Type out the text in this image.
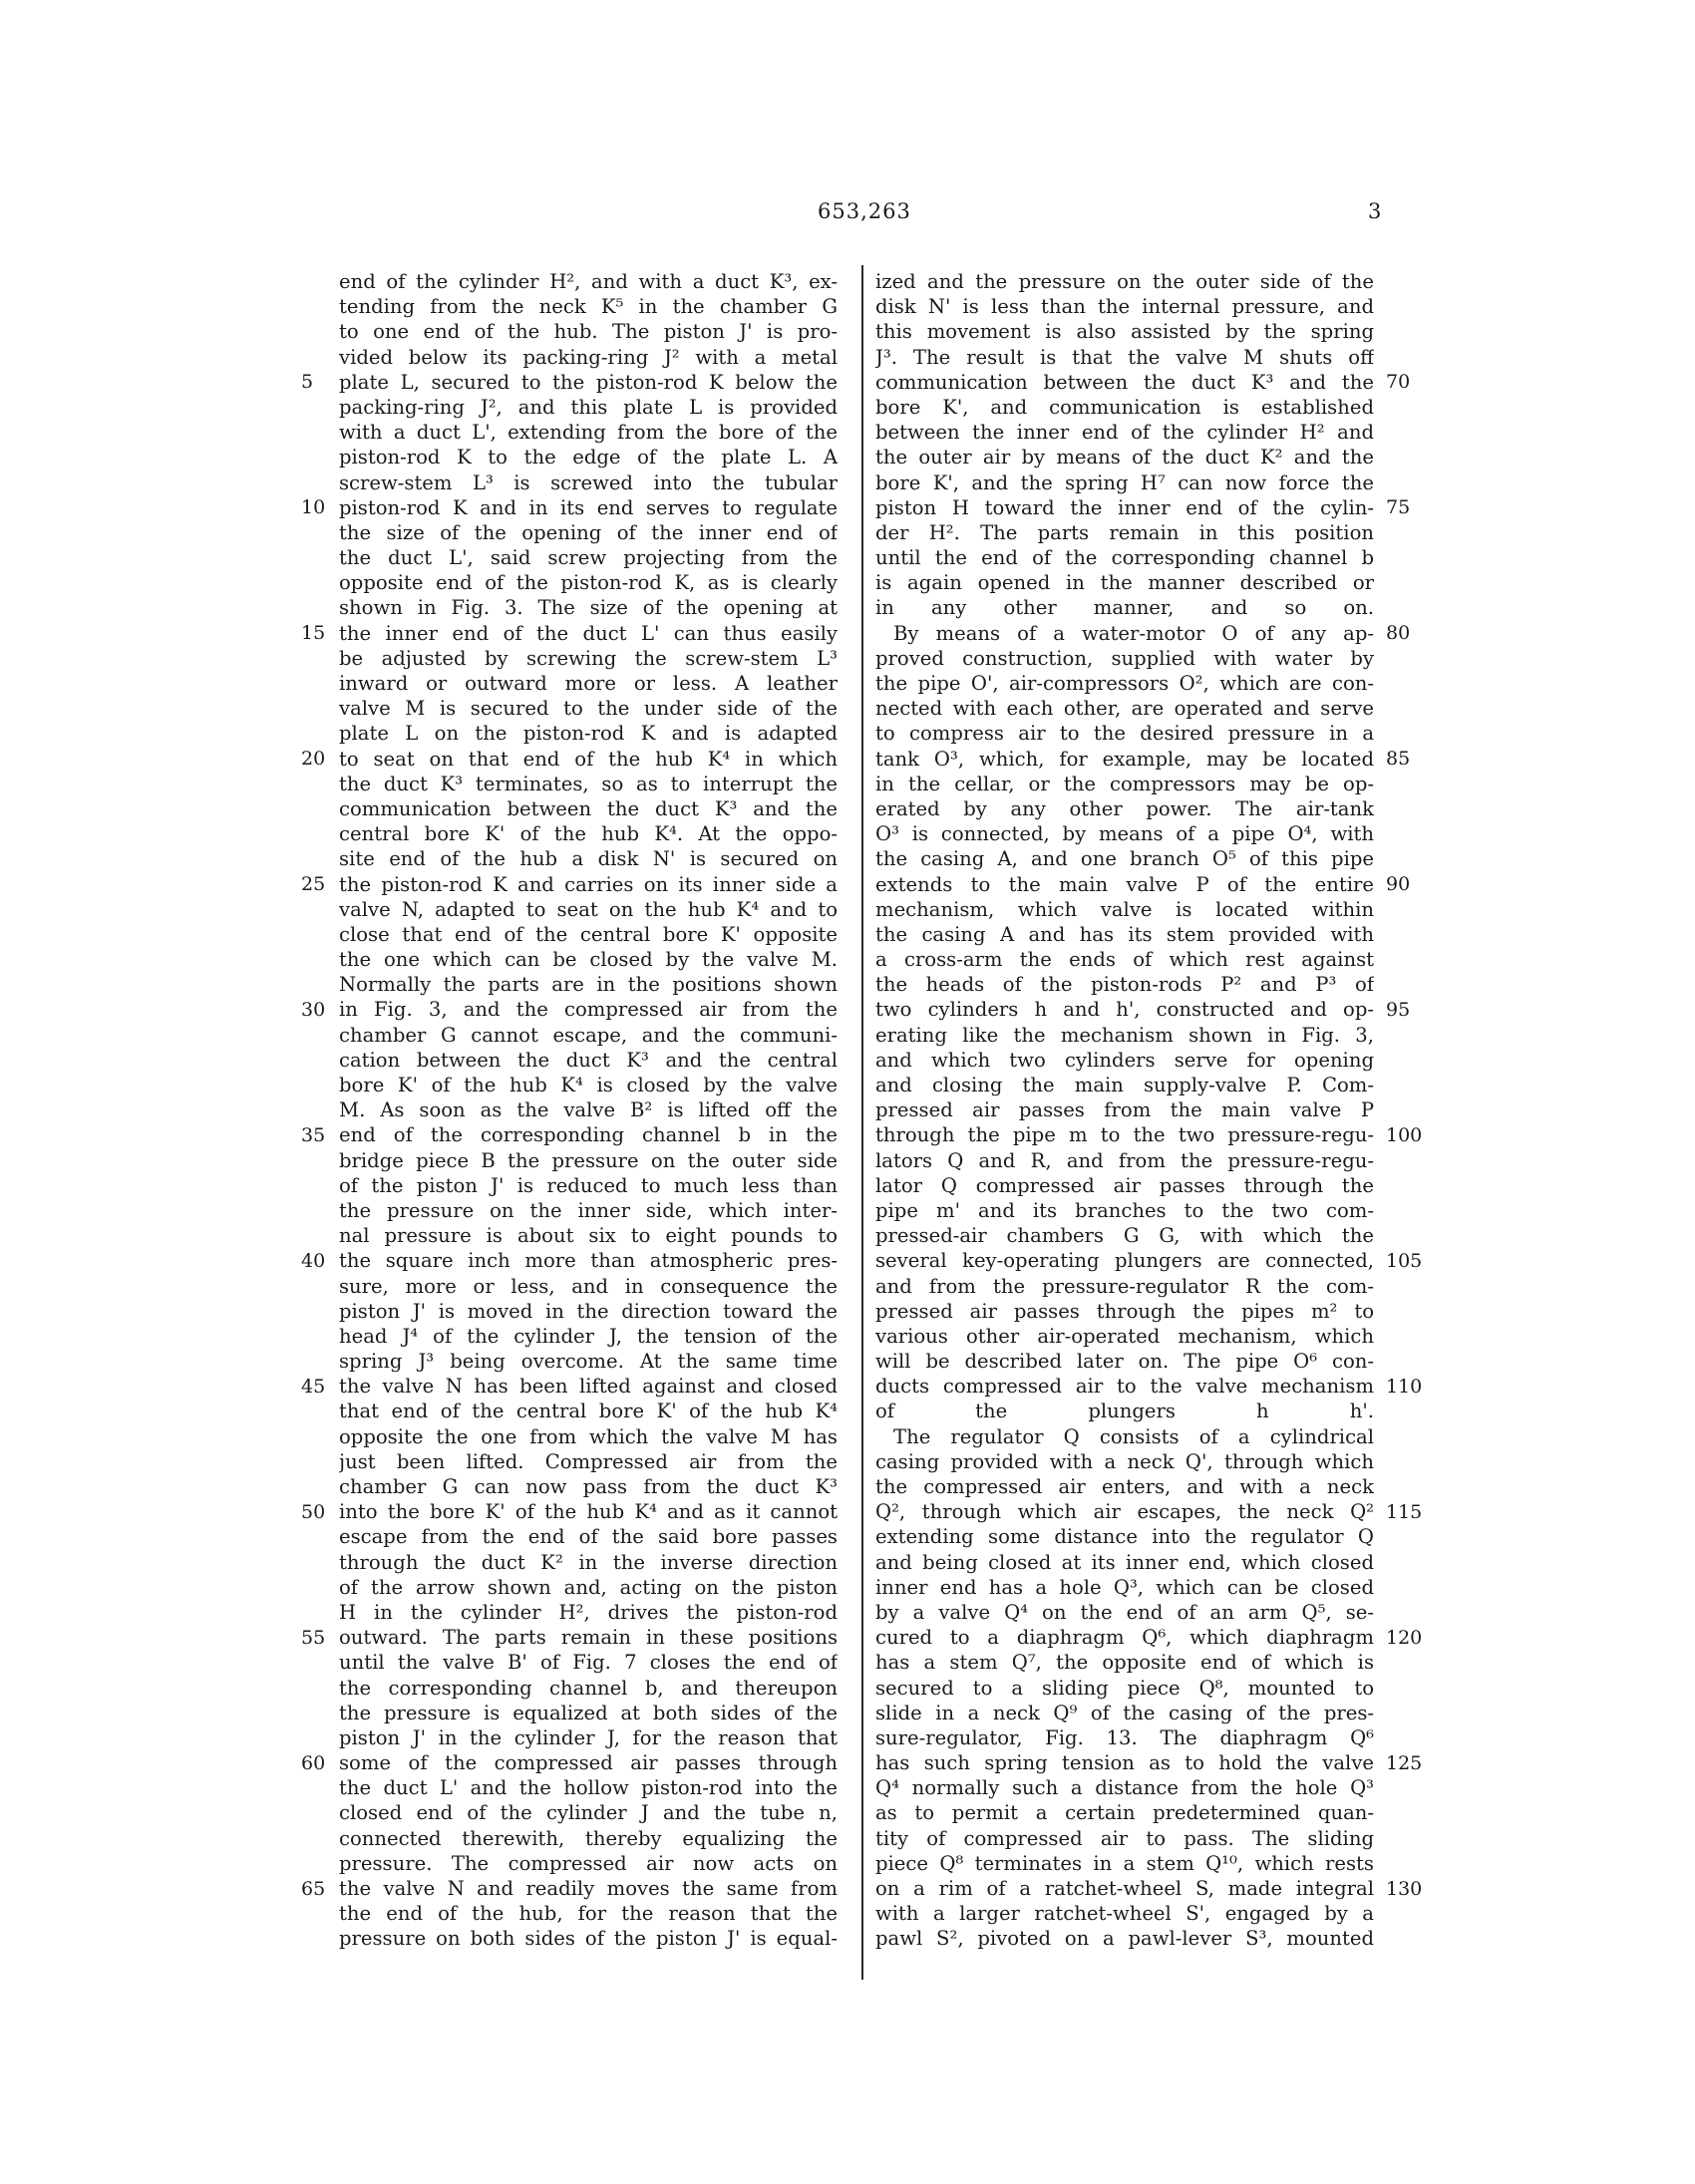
653,263	3
end of the cylinder H², and with a duct K³, ex-
tending from the neck K⁵ in the chamber G
to one end of the hub. The piston J' is pro-
vided below its packing-ring J² with a metal
plate L, secured to the piston-rod K below the
packing-ring J², and this plate L is provided
with a duct L', extending from the bore of the
piston-rod K to the edge of the plate L. A
screw-stem L³ is screwed into the tubular
piston-rod K and in its end serves to regulate
the size of the opening of the inner end of
the duct L', said screw projecting from the
opposite end of the piston-rod K, as is clearly
shown in Fig. 3. The size of the opening at
the inner end of the duct L' can thus easily
be adjusted by screwing the screw-stem L³
inward or outward more or less. A leather
valve M is secured to the under side of the
plate L on the piston-rod K and is adapted
to seat on that end of the hub K⁴ in which
the duct K³ terminates, so as to interrupt the
communication between the duct K³ and the
central bore K' of the hub K⁴. At the oppo-
site end of the hub a disk N' is secured on
the piston-rod K and carries on its inner side a
valve N, adapted to seat on the hub K⁴ and to
close that end of the central bore K' opposite
the one which can be closed by the valve M.
Normally the parts are in the positions shown
in Fig. 3, and the compressed air from the
chamber G cannot escape, and the communi-
cation between the duct K³ and the central
bore K' of the hub K⁴ is closed by the valve
M. As soon as the valve B² is lifted off the
end of the corresponding channel b in the
bridge piece B the pressure on the outer side
of the piston J' is reduced to much less than
the pressure on the inner side, which inter-
nal pressure is about six to eight pounds to
the square inch more than atmospheric pres-
sure, more or less, and in consequence the
piston J' is moved in the direction toward the
head J⁴ of the cylinder J, the tension of the
spring J³ being overcome. At the same time
the valve N has been lifted against and closed
that end of the central bore K' of the hub K⁴
opposite the one from which the valve M has
just been lifted. Compressed air from the
chamber G can now pass from the duct K³
into the bore K' of the hub K⁴ and as it cannot
escape from the end of the said bore passes
through the duct K² in the inverse direction
of the arrow shown and, acting on the piston
H in the cylinder H², drives the piston-rod
outward. The parts remain in these positions
until the valve B' of Fig. 7 closes the end of
the corresponding channel b, and thereupon
the pressure is equalized at both sides of the
piston J' in the cylinder J, for the reason that
some of the compressed air passes through
the duct L' and the hollow piston-rod into the
closed end of the cylinder J and the tube n,
connected therewith, thereby equalizing the
pressure. The compressed air now acts on
the valve N and readily moves the same from
the end of the hub, for the reason that the
pressure on both sides of the piston J' is equal-
ized and the pressure on the outer side of the
disk N' is less than the internal pressure, and
this movement is also assisted by the spring
J³. The result is that the valve M shuts off
communication between the duct K³ and the
bore K', and communication is established
between the inner end of the cylinder H² and
the outer air by means of the duct K² and the
bore K', and the spring H⁷ can now force the
piston H toward the inner end of the cylin-
der H². The parts remain in this position
until the end of the corresponding channel b
is again opened in the manner described or
in any other manner, and so on.
By means of a water-motor O of any ap-
proved construction, supplied with water by
the pipe O', air-compressors O², which are con-
nected with each other, are operated and serve
to compress air to the desired pressure in a
tank O³, which, for example, may be located
in the cellar, or the compressors may be op-
erated by any other power. The air-tank
O³ is connected, by means of a pipe O⁴, with
the casing A, and one branch O⁵ of this pipe
extends to the main valve P of the entire
mechanism, which valve is located within
the casing A and has its stem provided with
a cross-arm the ends of which rest against
the heads of the piston-rods P² and P³ of
two cylinders h and h', constructed and op-
erating like the mechanism shown in Fig. 3,
and which two cylinders serve for opening
and closing the main supply-valve P. Com-
pressed air passes from the main valve P
through the pipe m to the two pressure-regu-
lators Q and R, and from the pressure-regu-
lator Q compressed air passes through the
pipe m' and its branches to the two com-
pressed-air chambers G G, with which the
several key-operating plungers are connected,
and from the pressure-regulator R the com-
pressed air passes through the pipes m² to
various other air-operated mechanism, which
will be described later on. The pipe O⁶ con-
ducts compressed air to the valve mechanism
of the plungers h h'.
The regulator Q consists of a cylindrical
casing provided with a neck Q', through which
the compressed air enters, and with a neck
Q², through which air escapes, the neck Q²
extending some distance into the regulator Q
and being closed at its inner end, which closed
inner end has a hole Q³, which can be closed
by a valve Q⁴ on the end of an arm Q⁵, se-
cured to a diaphragm Q⁶, which diaphragm
has a stem Q⁷, the opposite end of which is
secured to a sliding piece Q⁸, mounted to
slide in a neck Q⁹ of the casing of the pres-
sure-regulator, Fig. 13. The diaphragm Q⁶
has such spring tension as to hold the valve
Q⁴ normally such a distance from the hole Q³
as to permit a certain predetermined quan-
tity of compressed air to pass. The sliding
piece Q⁸ terminates in a stem Q¹⁰, which rests
on a rim of a ratchet-wheel S, made integral
with a larger ratchet-wheel S', engaged by a
pawl S², pivoted on a pawl-lever S³, mounted
5
10
15
20
25
30
35
40
45
50
55
60
65
70
75
80
85
90
95
100
105
110
115
120
125
130
